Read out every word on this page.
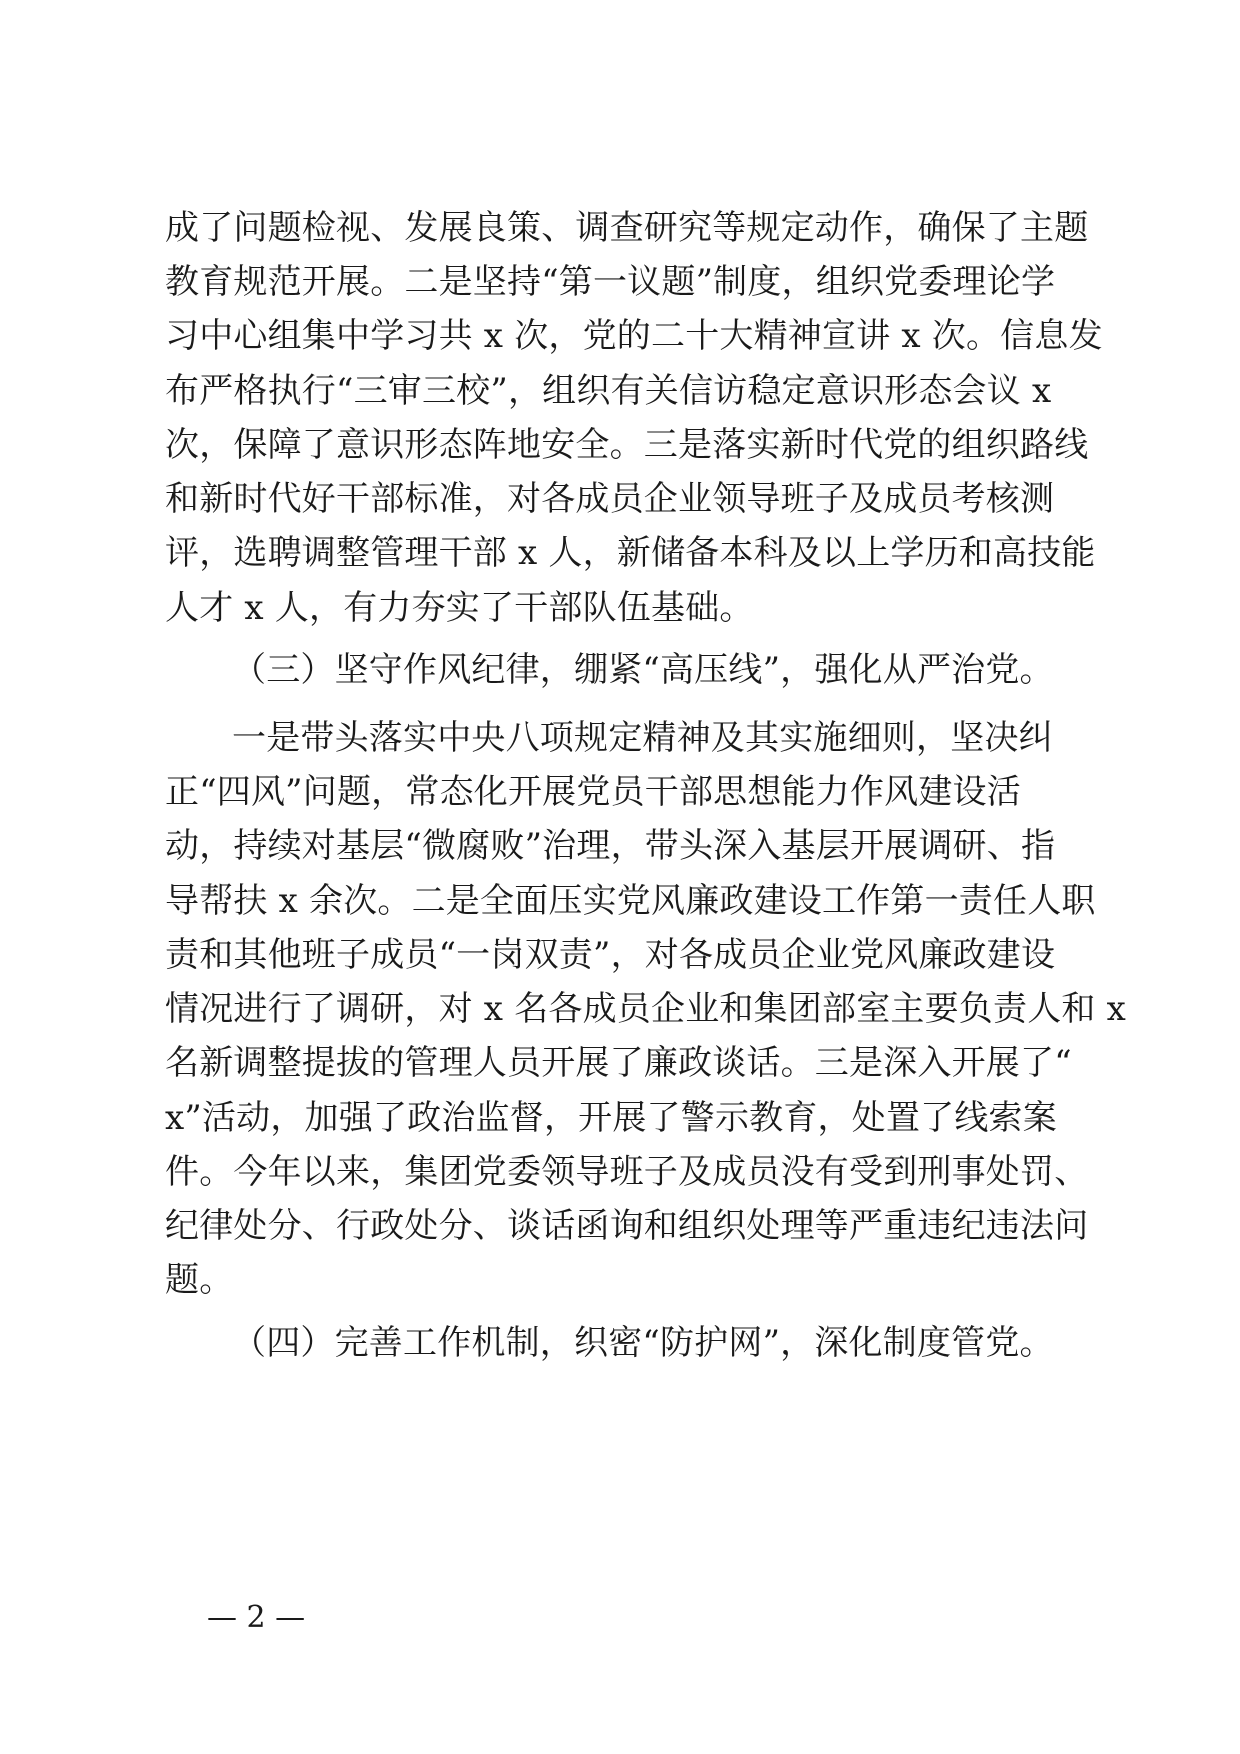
成了问题检视、发展良策、调查研究等规定动作，确保了主题
教育规范开展。二是坚持“第一议题”制度，组织党委理论学
习中心组集中学习共 x 次，党的二十大精神宣讲 x 次。信息发
布严格执行“三审三校”，组织有关信访稳定意识形态会议 x
次，保障了意识形态阵地安全。三是落实新时代党的组织路线
和新时代好干部标准，对各成员企业领导班子及成员考核测
评，选聘调整管理干部 x 人，新储备本科及以上学历和高技能
人才 x 人，有力夯实了干部队伍基础。
（三）坚守作风纪律，绷紧“高压线”，强化从严治党。
一是带头落实中央八项规定精神及其实施细则，坚决纠
正“四风”问题，常态化开展党员干部思想能力作风建设活
动，持续对基层“微腐败”治理，带头深入基层开展调研、指
导帮扶 x 余次。二是全面压实党风廉政建设工作第一责任人职
责和其他班子成员“一岗双责”，对各成员企业党风廉政建设
情况进行了调研，对 x 名各成员企业和集团部室主要负责人和 x
名新调整提拔的管理人员开展了廉政谈话。三是深入开展了“
x”活动，加强了政治监督，开展了警示教育，处置了线索案
件。今年以来，集团党委领导班子及成员没有受到刑事处罚、
纪律处分、行政处分、谈话函询和组织处理等严重违纪违法问
题。
（四）完善工作机制，织密“防护网”，深化制度管党。
— 2 —
